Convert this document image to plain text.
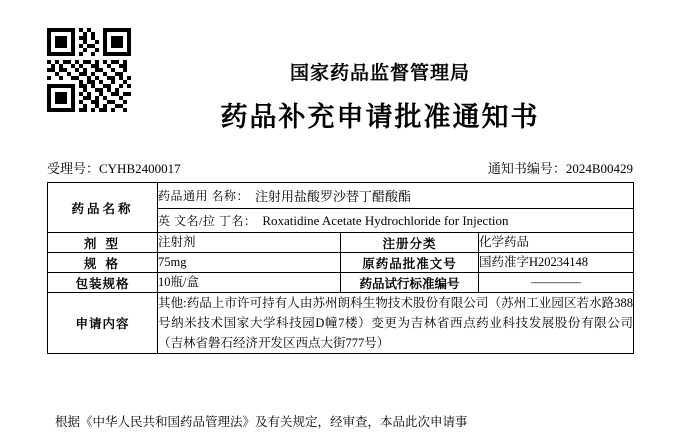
国家药品监督管理局
药品补充申请批准通知书
受理号：CYHB2400017	通知书编号：2024B00429
药品名称	药品通用 名称： 注射用盐酸罗沙替丁醋酸酯		

	英 文名/拉 丁名： Roxatidine Acetate Hydrochloride for Injection		

剂 型	注射剂	注册分类	化学药品
规 格	75mg	原药品批准文号	国药准字H20234148
包装规格	10瓶/盒	药品试行标准编号	————
申请内容	其他:药品上市许可持有人由苏州朗科生物技术股份有限公司（苏州工业园区若水路388号纳米技术国家大学科技园D幢7楼）变更为吉林省西点药业科技发展股份有限公司（吉林省磐石经济开发区西点大街777号）		
根据《中华人民共和国药品管理法》及有关规定，经审查，本品此次申请事
